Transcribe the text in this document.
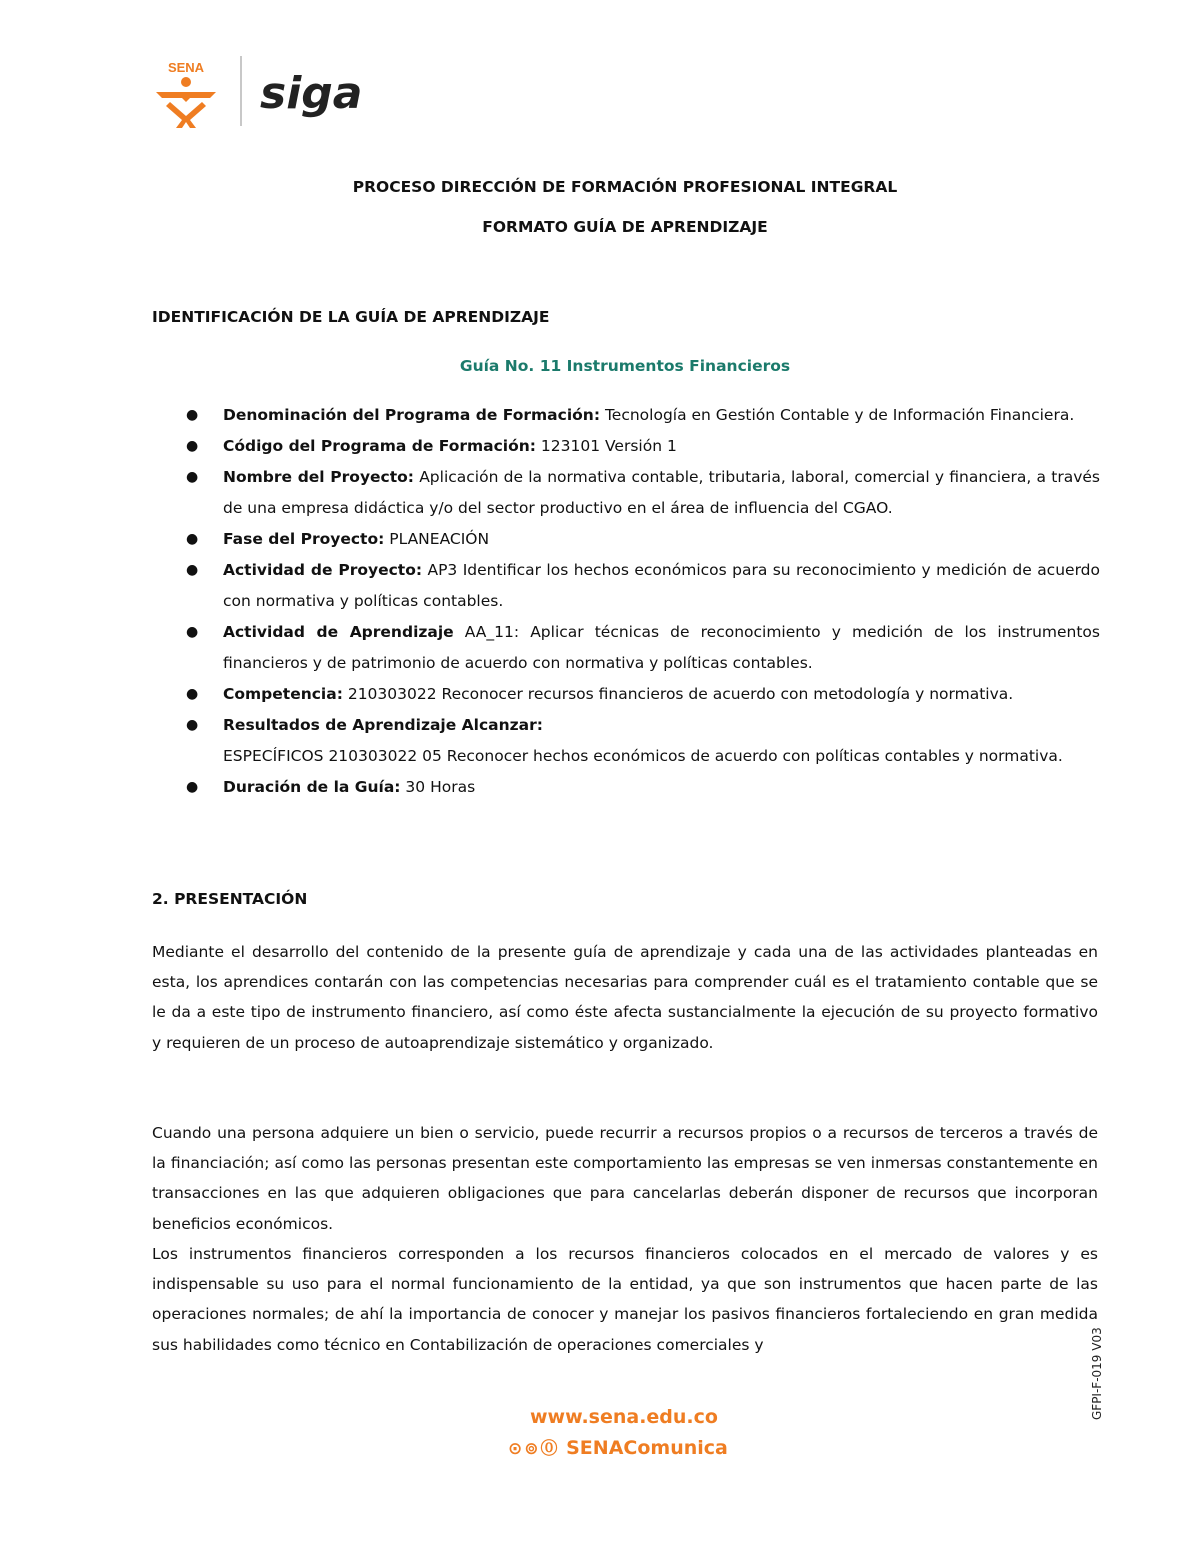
SENA
siga
PROCESO DIRECCIÓN DE FORMACIÓN PROFESIONAL INTEGRAL
FORMATO GUÍA DE APRENDIZAJE
IDENTIFICACIÓN DE LA GUÍA DE APRENDIZAJE
Guía No. 11 Instrumentos Financieros
● Denominación del Programa de Formación: Tecnología en Gestión Contable y de Información Financiera.
● Código del Programa de Formación: 123101 Versión 1
● Nombre del Proyecto: Aplicación de la normativa contable, tributaria, laboral, comercial y financiera, a través de una empresa didáctica y/o del sector productivo en el área de influencia del CGAO.
● Fase del Proyecto: PLANEACIÓN
● Actividad de Proyecto: AP3 Identificar los hechos económicos para su reconocimiento y medición de acuerdo con normativa y políticas contables.
● Actividad de Aprendizaje AA_11: Aplicar técnicas de reconocimiento y medición de los instrumentos financieros y de patrimonio de acuerdo con normativa y políticas contables.
● Competencia: 210303022 Reconocer recursos financieros de acuerdo con metodología y normativa.
● Resultados de Aprendizaje Alcanzar:
ESPECÍFICOS 210303022 05 Reconocer hechos económicos de acuerdo con políticas contables y normativa.
● Duración de la Guía: 30 Horas
2. PRESENTACIÓN

Mediante el desarrollo del contenido de la presente guía de aprendizaje y cada una de las actividades planteadas en esta, los aprendices contarán con las competencias necesarias para comprender cuál es el tratamiento contable que se le da a este tipo de instrumento financiero, así como éste afecta sustancialmente la ejecución de su proyecto formativo y requieren de un proceso de autoaprendizaje sistemático y organizado.

Cuando una persona adquiere un bien o servicio, puede recurrir a recursos propios o a recursos de terceros a través de la financiación; así como las personas presentan este comportamiento las empresas se ven inmersas constantemente en transacciones en las que adquieren obligaciones que para cancelarlas deberán disponer de recursos que incorporan beneficios económicos.

Los instrumentos financieros corresponden a los recursos financieros colocados en el mercado de valores y es indispensable su uso para el normal funcionamiento de la entidad, ya que son instrumentos que hacen parte de las operaciones normales; de ahí la importancia de conocer y manejar los pasivos financieros fortaleciendo en gran medida sus habilidades como técnico en Contabilización de operaciones comerciales y

www.sena.edu.co
⊙ ⊚ ⓪ SENAComunica
GFPI-F-019 V03
